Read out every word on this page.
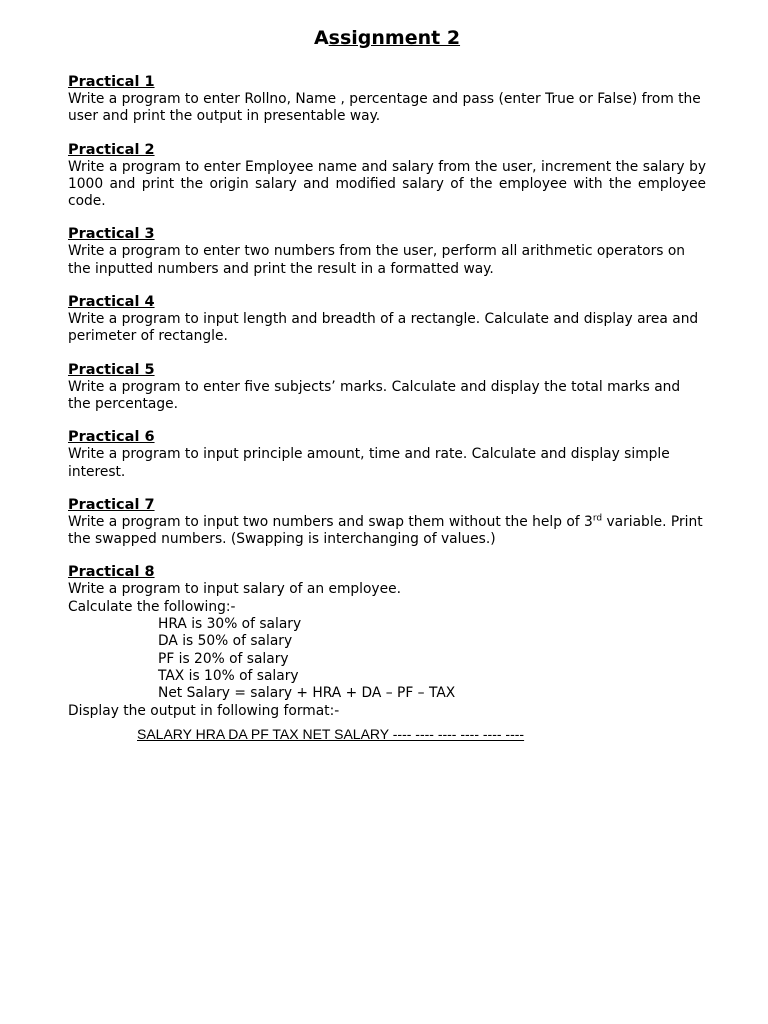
Assignment 2
Practical 1

Write a program to enter Rollno, Name , percentage and pass (enter True or False) from the user and print the output in presentable way.

Practical 2

Write a program to enter Employee name and salary from the user, increment the salary by 1000 and print the origin salary and modified salary of the employee with the employee code.

Practical 3

Write a program to enter two numbers from the user, perform all arithmetic operators on the inputted numbers and print the result in a formatted way.

Practical 4

Write a program to input length and breadth of a rectangle. Calculate and display area and perimeter of rectangle.

Practical 5

Write a program to enter five subjects’ marks. Calculate and display the total marks and the percentage.

Practical 6

Write a program to input principle amount, time and rate. Calculate and display simple interest.

Practical 7

Write a program to input two numbers and swap them without the help of 3rd variable. Print the swapped numbers. (Swapping is interchanging of values.)

Practical 8

Write a program to input salary of an employee.

Calculate the following:-

HRA is 30% of salary

DA is 50% of salary

PF is 20% of salary

TAX is 10% of salary

Net Salary = salary + HRA + DA – PF – TAX

Display the output in following format:-

SALARY HRA DA PF TAX NET SALARY ---- ---- ---- ---- ---- ----
